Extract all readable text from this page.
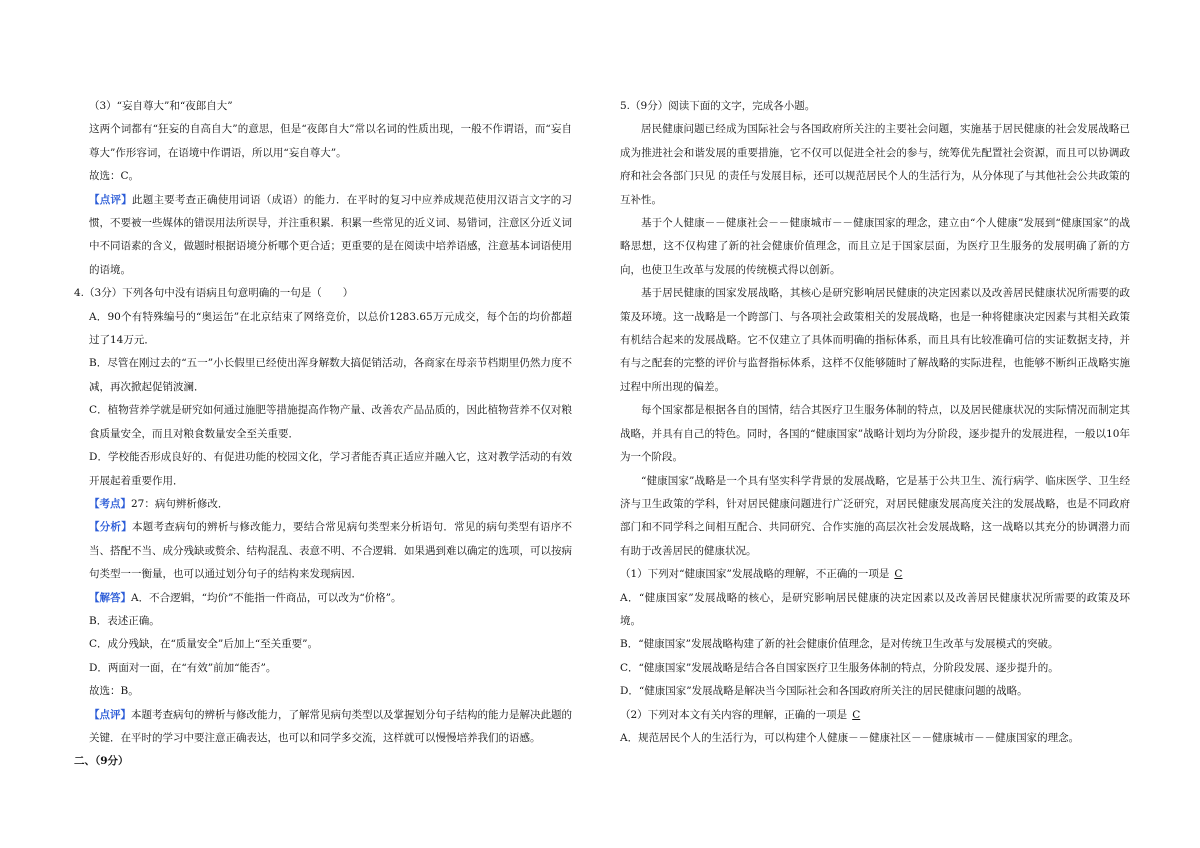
（3）“妄自尊大”和“夜郎自大”

这两个词都有“狂妄的自高自大”的意思，但是“夜郎自大”常以名词的性质出现，一般不作谓语，而“妄自尊大”作形容词，在语境中作谓语，所以用“妄自尊大”。

故选：C。

【点评】此题主要考查正确使用词语（成语）的能力．在平时的复习中应养成规范使用汉语言文字的习惯，不要被一些媒体的错误用法所误导，并注重积累．积累一些常见的近义词、易错词，注意区分近义词中不同语素的含义，做题时根据语境分析哪个更合适；更重要的是在阅读中培养语感，注意基本词语使用的语境。

4.（3分）下列各句中没有语病且句意明确的一句是（　　）

A．90个有特殊编号的“奥运缶”在北京结束了网络竞价，以总价1283.65万元成交，每个缶的均价都超过了14万元．

B．尽管在刚过去的“五一”小长假里已经使出浑身解数大搞促销活动，各商家在母亲节档期里仍然力度不减，再次掀起促销波澜．

C．植物营养学就是研究如何通过施肥等措施提高作物产量、改善农产品品质的，因此植物营养不仅对粮食质量安全，而且对粮食数量安全至关重要．

D．学校能否形成良好的、有促进功能的校园文化，学习者能否真正适应并融入它，这对教学活动的有效开展起着重要作用．

【考点】27：病句辨析修改．

【分析】本题考查病句的辨析与修改能力，要结合常见病句类型来分析语句．常见的病句类型有语序不当、搭配不当、成分残缺或赘余、结构混乱、表意不明、不合逻辑．如果遇到难以确定的选项，可以按病句类型一一衡量，也可以通过划分句子的结构来发现病因．

【解答】A．不合逻辑，“均价”不能指一件商品，可以改为“价格”。

B．表述正确。

C．成分残缺，在“质量安全”后加上“至关重要”。

D．两面对一面，在“有效”前加“能否”。

故选：B。

【点评】本题考查病句的辨析与修改能力，了解常见病句类型以及掌握划分句子结构的能力是解决此题的关键．在平时的学习中要注意正确表达，也可以和同学多交流，这样就可以慢慢培养我们的语感。

二、（9分）

5.（9分）阅读下面的文字，完成各小题。

居民健康问题已经成为国际社会与各国政府所关注的主要社会问题，实施基于居民健康的社会发展战略已成为推进社会和谐发展的重要措施，它不仅可以促进全社会的参与，统筹优先配置社会资源，而且可以协调政府和社会各部门只见 的责任与发展目标，还可以规范居民个人的生活行为，从分体现了与其他社会公共政策的互补性。

基于个人健康－－健康社会－－健康城市－－健康国家的理念，建立由“个人健康”发展到“健康国家”的战略思想，这不仅构建了新的社会健康价值理念，而且立足于国家层面，为医疗卫生服务的发展明确了新的方向，也使卫生改革与发展的传统模式得以创新。

基于居民健康的国家发展战略，其核心是研究影响居民健康的决定因素以及改善居民健康状况所需要的政策及环境。这一战略是一个跨部门、与各项社会政策相关的发展战略，也是一种将健康决定因素与其相关政策有机结合起来的发展战略。它不仅建立了具体而明确的指标体系，而且具有比较准确可信的实证数据支持，并有与之配套的完整的评价与监督指标体系，这样不仅能够随时了解战略的实际进程，也能够不断纠正战略实施过程中所出现的偏差。

每个国家都是根据各自的国情，结合其医疗卫生服务体制的特点，以及居民健康状况的实际情况而制定其战略，并具有自己的特色。同时，各国的“健康国家”战略计划均为分阶段，逐步提升的发展进程，一般以10年为一个阶段。

“健康国家”战略是一个具有坚实科学背景的发展战略，它是基于公共卫生、流行病学、临床医学、卫生经济与卫生政策的学科，针对居民健康问题进行广泛研究，对居民健康发展高度关注的发展战略，也是不同政府部门和不同学科之间相互配合、共同研究、合作实施的高层次社会发展战略，这一战略以其充分的协调潜力而有助于改善居民的健康状况。

（1）下列对“健康国家”发展战略的理解，不正确的一项是 C

A．“健康国家”发展战略的核心，是研究影响居民健康的决定因素以及改善居民健康状况所需要的政策及环境。

B．“健康国家”发展战略构建了新的社会健康价值理念，是对传统卫生改革与发展模式的突破。

C．“健康国家”发展战略是结合各自国家医疗卫生服务体制的特点，分阶段发展、逐步提升的。

D．“健康国家”发展战略是解决当今国际社会和各国政府所关注的居民健康问题的战略。

（2）下列对本文有关内容的理解，正确的一项是 C

A．规范居民个人的生活行为，可以构建个人健康－－健康社区－－健康城市－－健康国家的理念。
